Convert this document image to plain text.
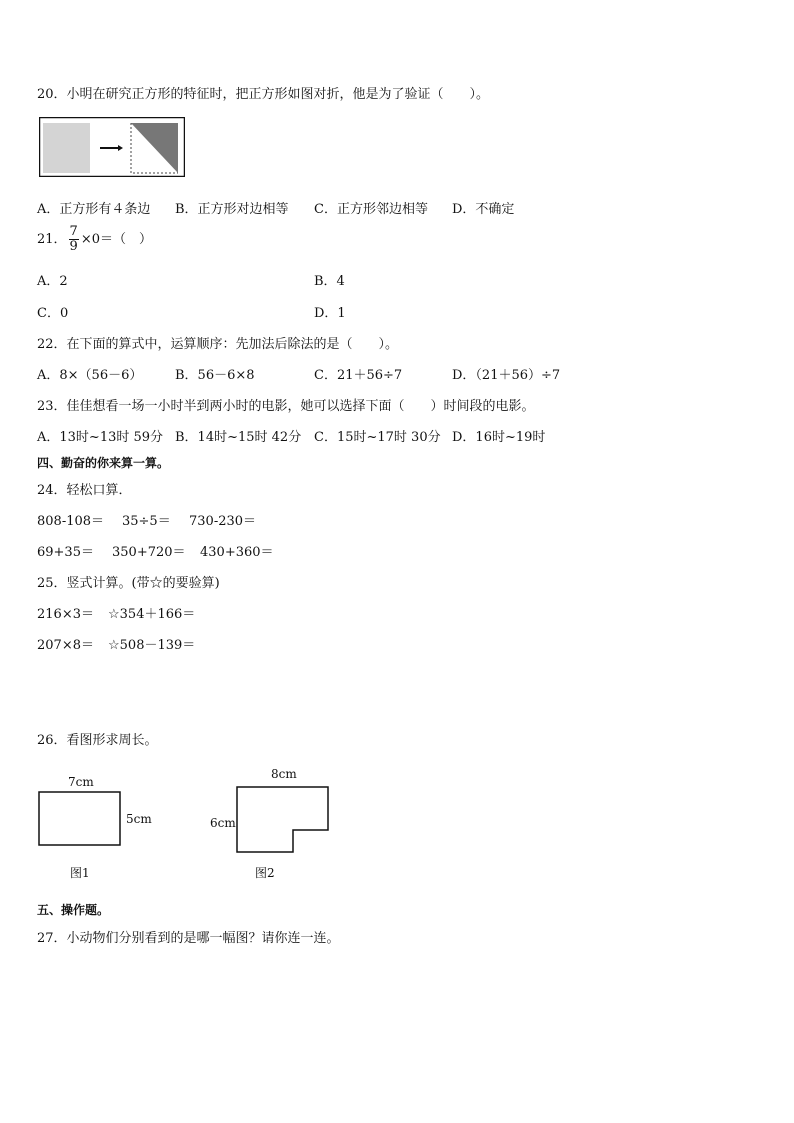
20．小明在研究正方形的特征时，把正方形如图对折，他是为了验证（　　）。
A．正方形有４条边 B．正方形对边相等 C．正方形邻边相等 D．不确定
21． $\frac{7}{9} \times 0=$（　）
A．2	B．4
C．0	D．1
22．在下面的算式中，运算顺序：先加法后除法的是（　　）。
A．8×（56－6）	B．56－6×8	C．21＋56÷7	D．（21＋56）÷7
23．佳佳想看一场一小时半到两小时的电影，她可以选择下面（　　）时间段的电影。
A．13时~13时 59分 B．14时~15时 42分 C．15时~17时 30分 D．16时~19时
四、勤奋的你来算一算。
24．轻松口算．
808-108＝ 35÷5＝ 730-230＝
69+35＝ 350+720＝ 430+360＝
25．竖式计算。(带☆的要验算)
216×3＝ ☆354＋166＝
207×8＝ ☆508－139＝
26．看图形求周长。
7cm
5cm
图1
8cm
6cm
图2
五、操作题。
27．小动物们分别看到的是哪一幅图？请你连一连。
